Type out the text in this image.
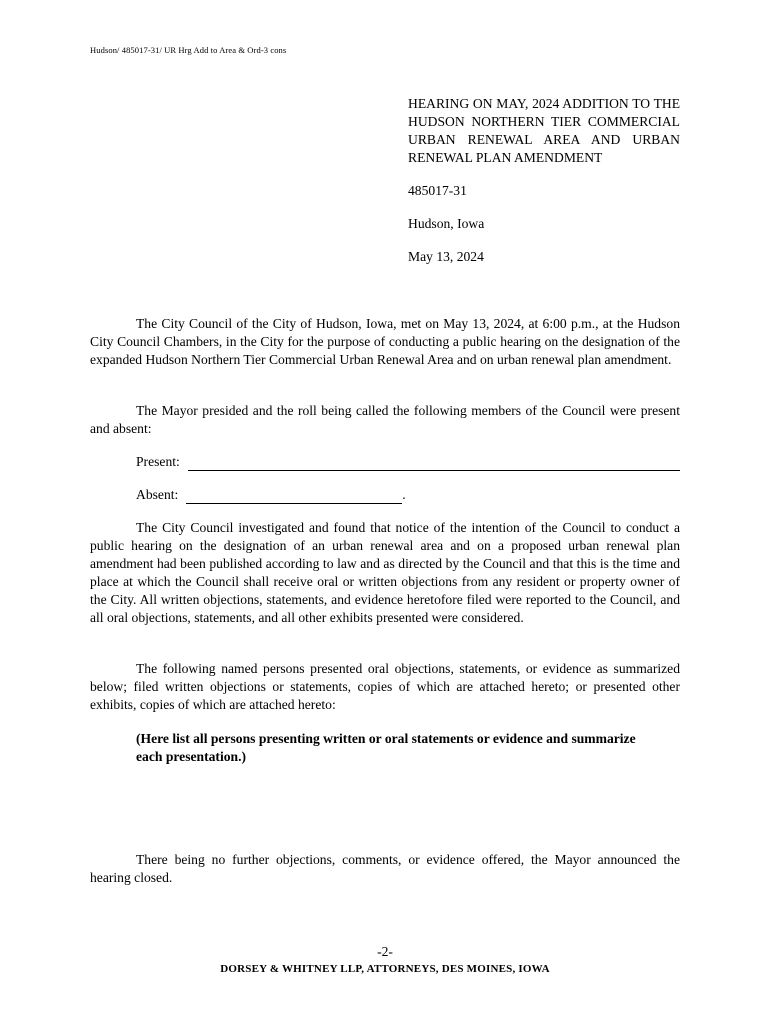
Hudson/ 485017-31/ UR Hrg Add to Area & Ord-3 cons

HEARING ON MAY, 2024 ADDITION TO THE HUDSON NORTHERN TIER COMMERCIAL URBAN RENEWAL AREA AND URBAN RENEWAL PLAN AMENDMENT

485017-31

Hudson, Iowa

May 13, 2024

The City Council of the City of Hudson, Iowa, met on May 13, 2024, at 6:00 p.m., at the Hudson City Council Chambers, in the City for the purpose of conducting a public hearing on the designation of the expanded Hudson Northern Tier Commercial Urban Renewal Area and on urban renewal plan amendment.

The Mayor presided and the roll being called the following members of the Council were present and absent:

Present:
Absent:	.

The City Council investigated and found that notice of the intention of the Council to conduct a public hearing on the designation of an urban renewal area and on a proposed urban renewal plan amendment had been published according to law and as directed by the Council and that this is the time and place at which the Council shall receive oral or written objections from any resident or property owner of the City. All written objections, statements, and evidence heretofore filed were reported to the Council, and all oral objections, statements, and all other exhibits presented were considered.

The following named persons presented oral objections, statements, or evidence as summarized below; filed written objections or statements, copies of which are attached hereto; or presented other exhibits, copies of which are attached hereto:

(Here list all persons presenting written or oral statements or evidence and summarize each presentation.)

There being no further objections, comments, or evidence offered, the Mayor announced the hearing closed.

-2-
DORSEY & WHITNEY LLP, ATTORNEYS, DES MOINES, IOWA
